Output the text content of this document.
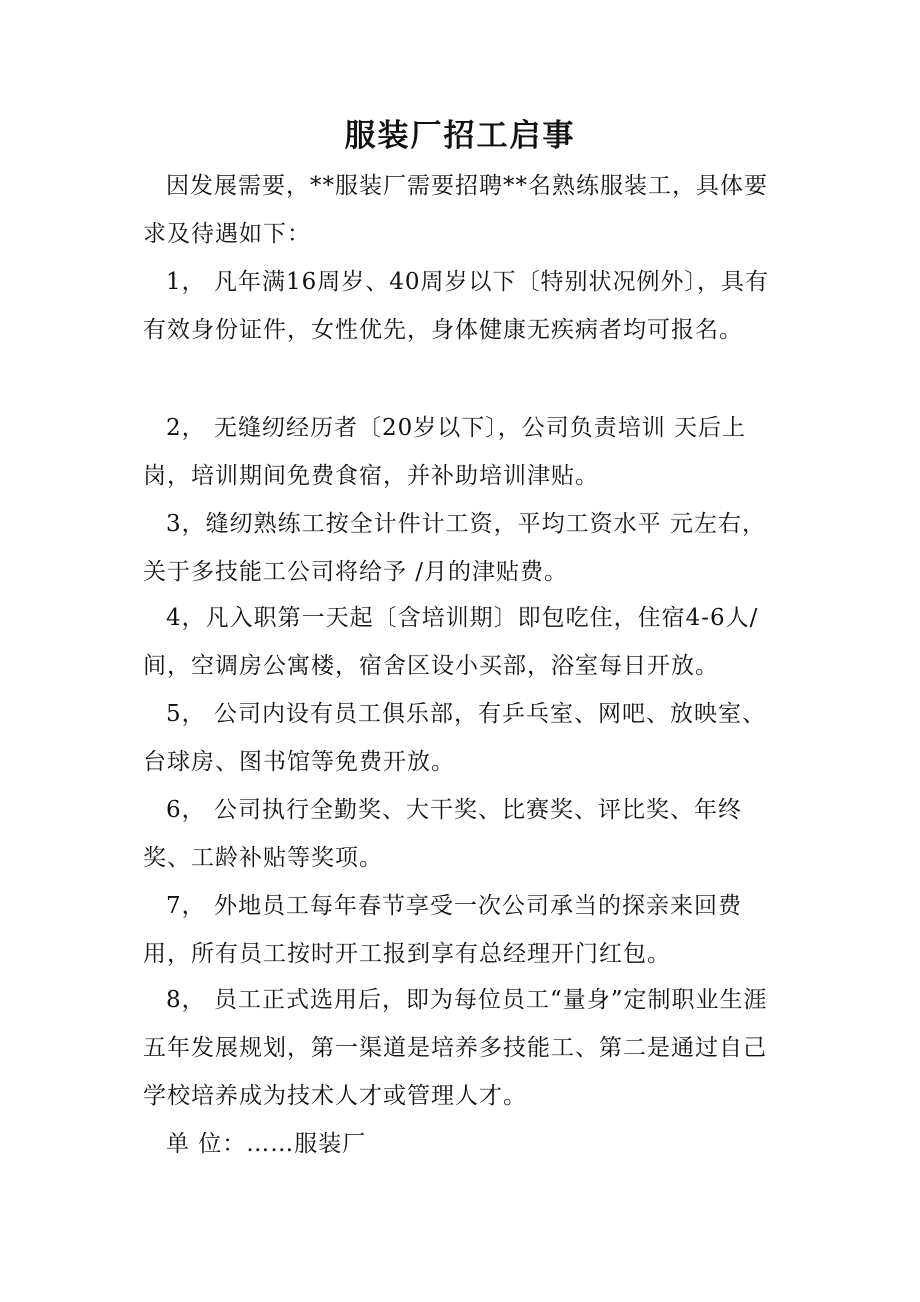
服装厂招工启事
因发展需要，**服装厂需要招聘**名熟练服装工，具体要求及待遇如下：
1， 凡年满16周岁、40周岁以下〔特别状况例外〕，具有有效身份证件，女性优先，身体健康无疾病者均可报名。
2， 无缝纫经历者〔20岁以下〕，公司负责培训 天后上岗，培训期间免费食宿，并补助培训津贴。
3，缝纫熟练工按全计件计工资，平均工资水平 元左右，关于多技能工公司将给予 /月的津贴费。
4，凡入职第一天起〔含培训期〕即包吃住，住宿4-6人/间，空调房公寓楼，宿舍区设小买部，浴室每日开放。
5， 公司内设有员工俱乐部，有乒乓室、网吧、放映室、台球房、图书馆等免费开放。
6， 公司执行全勤奖、大干奖、比赛奖、评比奖、年终奖、工龄补贴等奖项。
7， 外地员工每年春节享受一次公司承当的探亲来回费用，所有员工按时开工报到享有总经理开门红包。
8， 员工正式选用后，即为每位员工“量身”定制职业生涯五年发展规划，第一渠道是培养多技能工、第二是通过自己学校培养成为技术人才或管理人才。
单 位：……服装厂
